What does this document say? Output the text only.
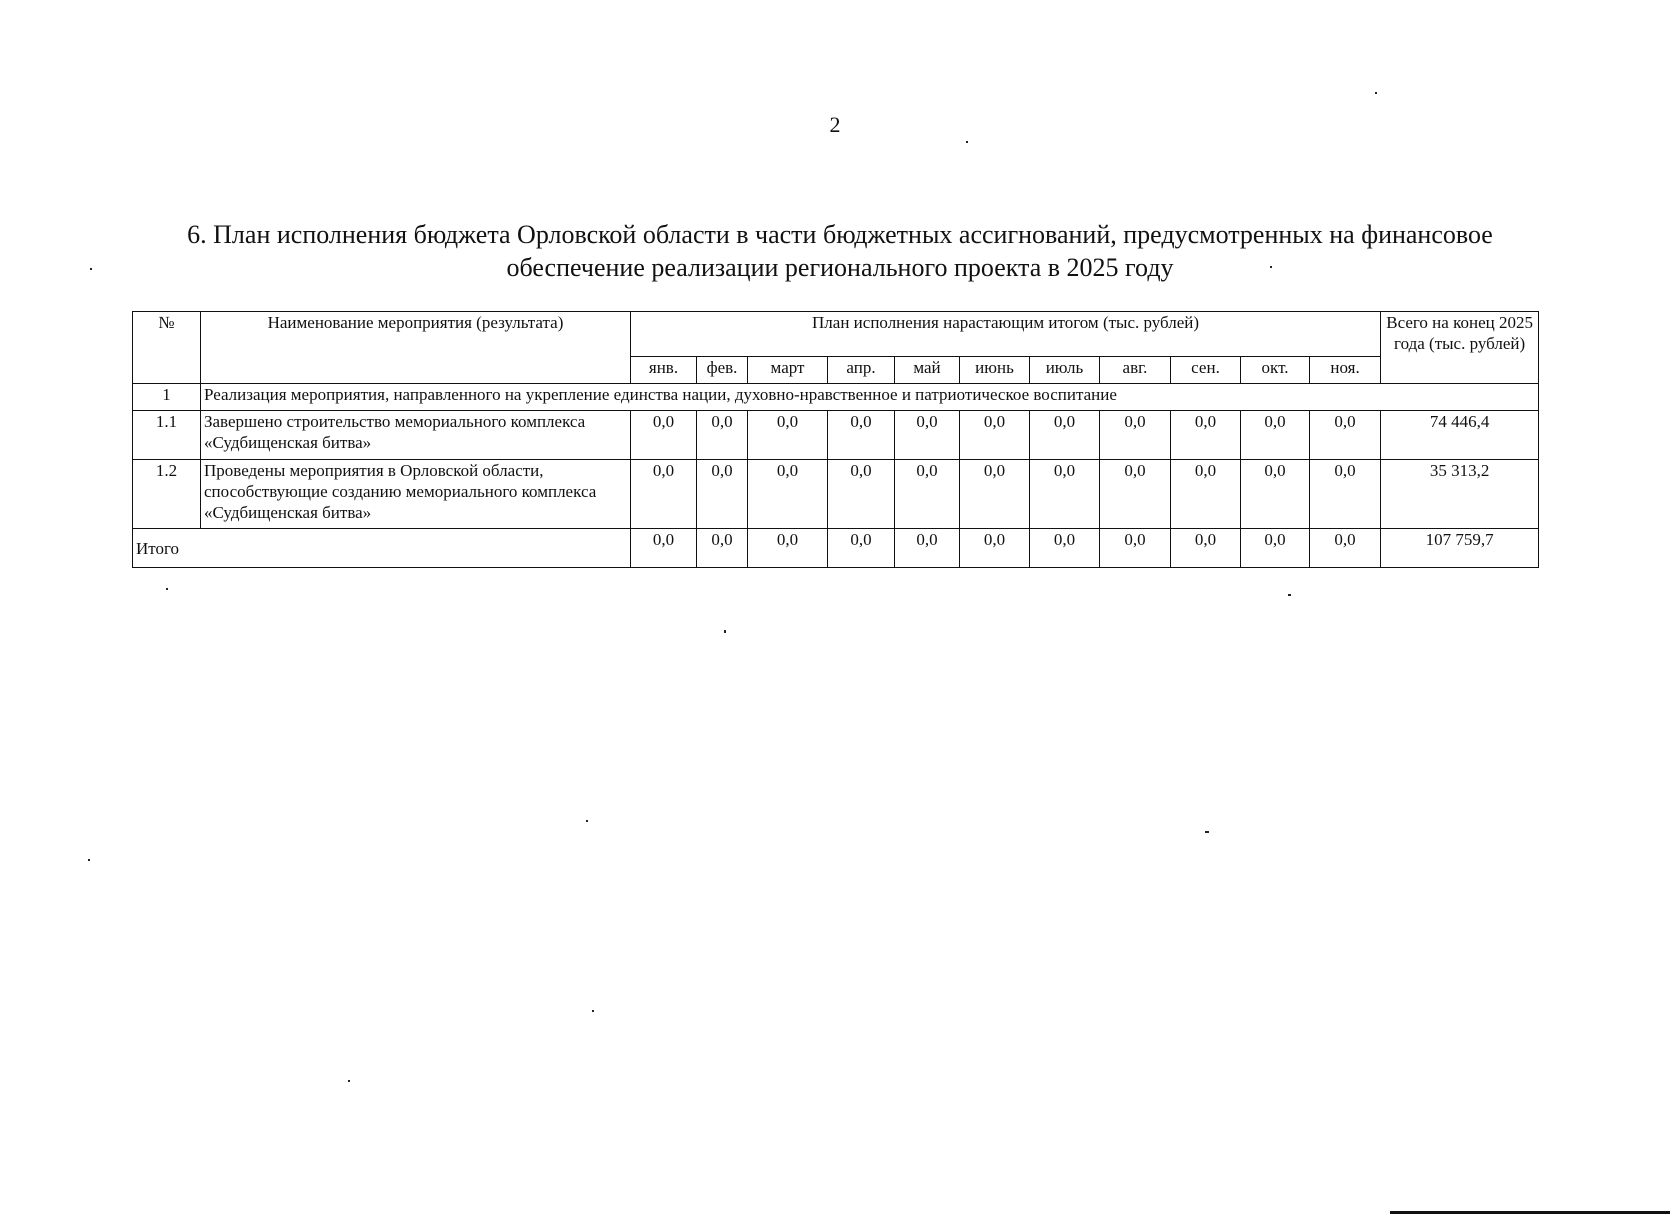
2
6. План исполнения бюджета Орловской области в части бюджетных ассигнований, предусмотренных на финансовое
обеспечение реализации регионального проекта в 2025 году
№	Наименование мероприятия (результата)	План исполнения нарастающим итогом (тыс. рублей)											Всего на конец 2025 года (тыс. рублей)
		янв.	фев.	март	апр.	май	июнь	июль	авг.	сен.	окт.	ноя.	
1	Реализация мероприятия, направленного на укрепление единства нации, духовно-нравственное и патриотическое воспитание												
1.1	Завершено строительство мемориального комплекса «Судбищенская битва»	0,0	0,0	0,0	0,0	0,0	0,0	0,0	0,0	0,0	0,0	0,0	74 446,4
1.2	Проведены мероприятия в Орловской области, способствующие созданию мемориального комплекса «Судбищенская битва»	0,0	0,0	0,0	0,0	0,0	0,0	0,0	0,0	0,0	0,0	0,0	35 313,2
Итого		0,0	0,0	0,0	0,0	0,0	0,0	0,0	0,0	0,0	0,0	0,0	107 759,7
